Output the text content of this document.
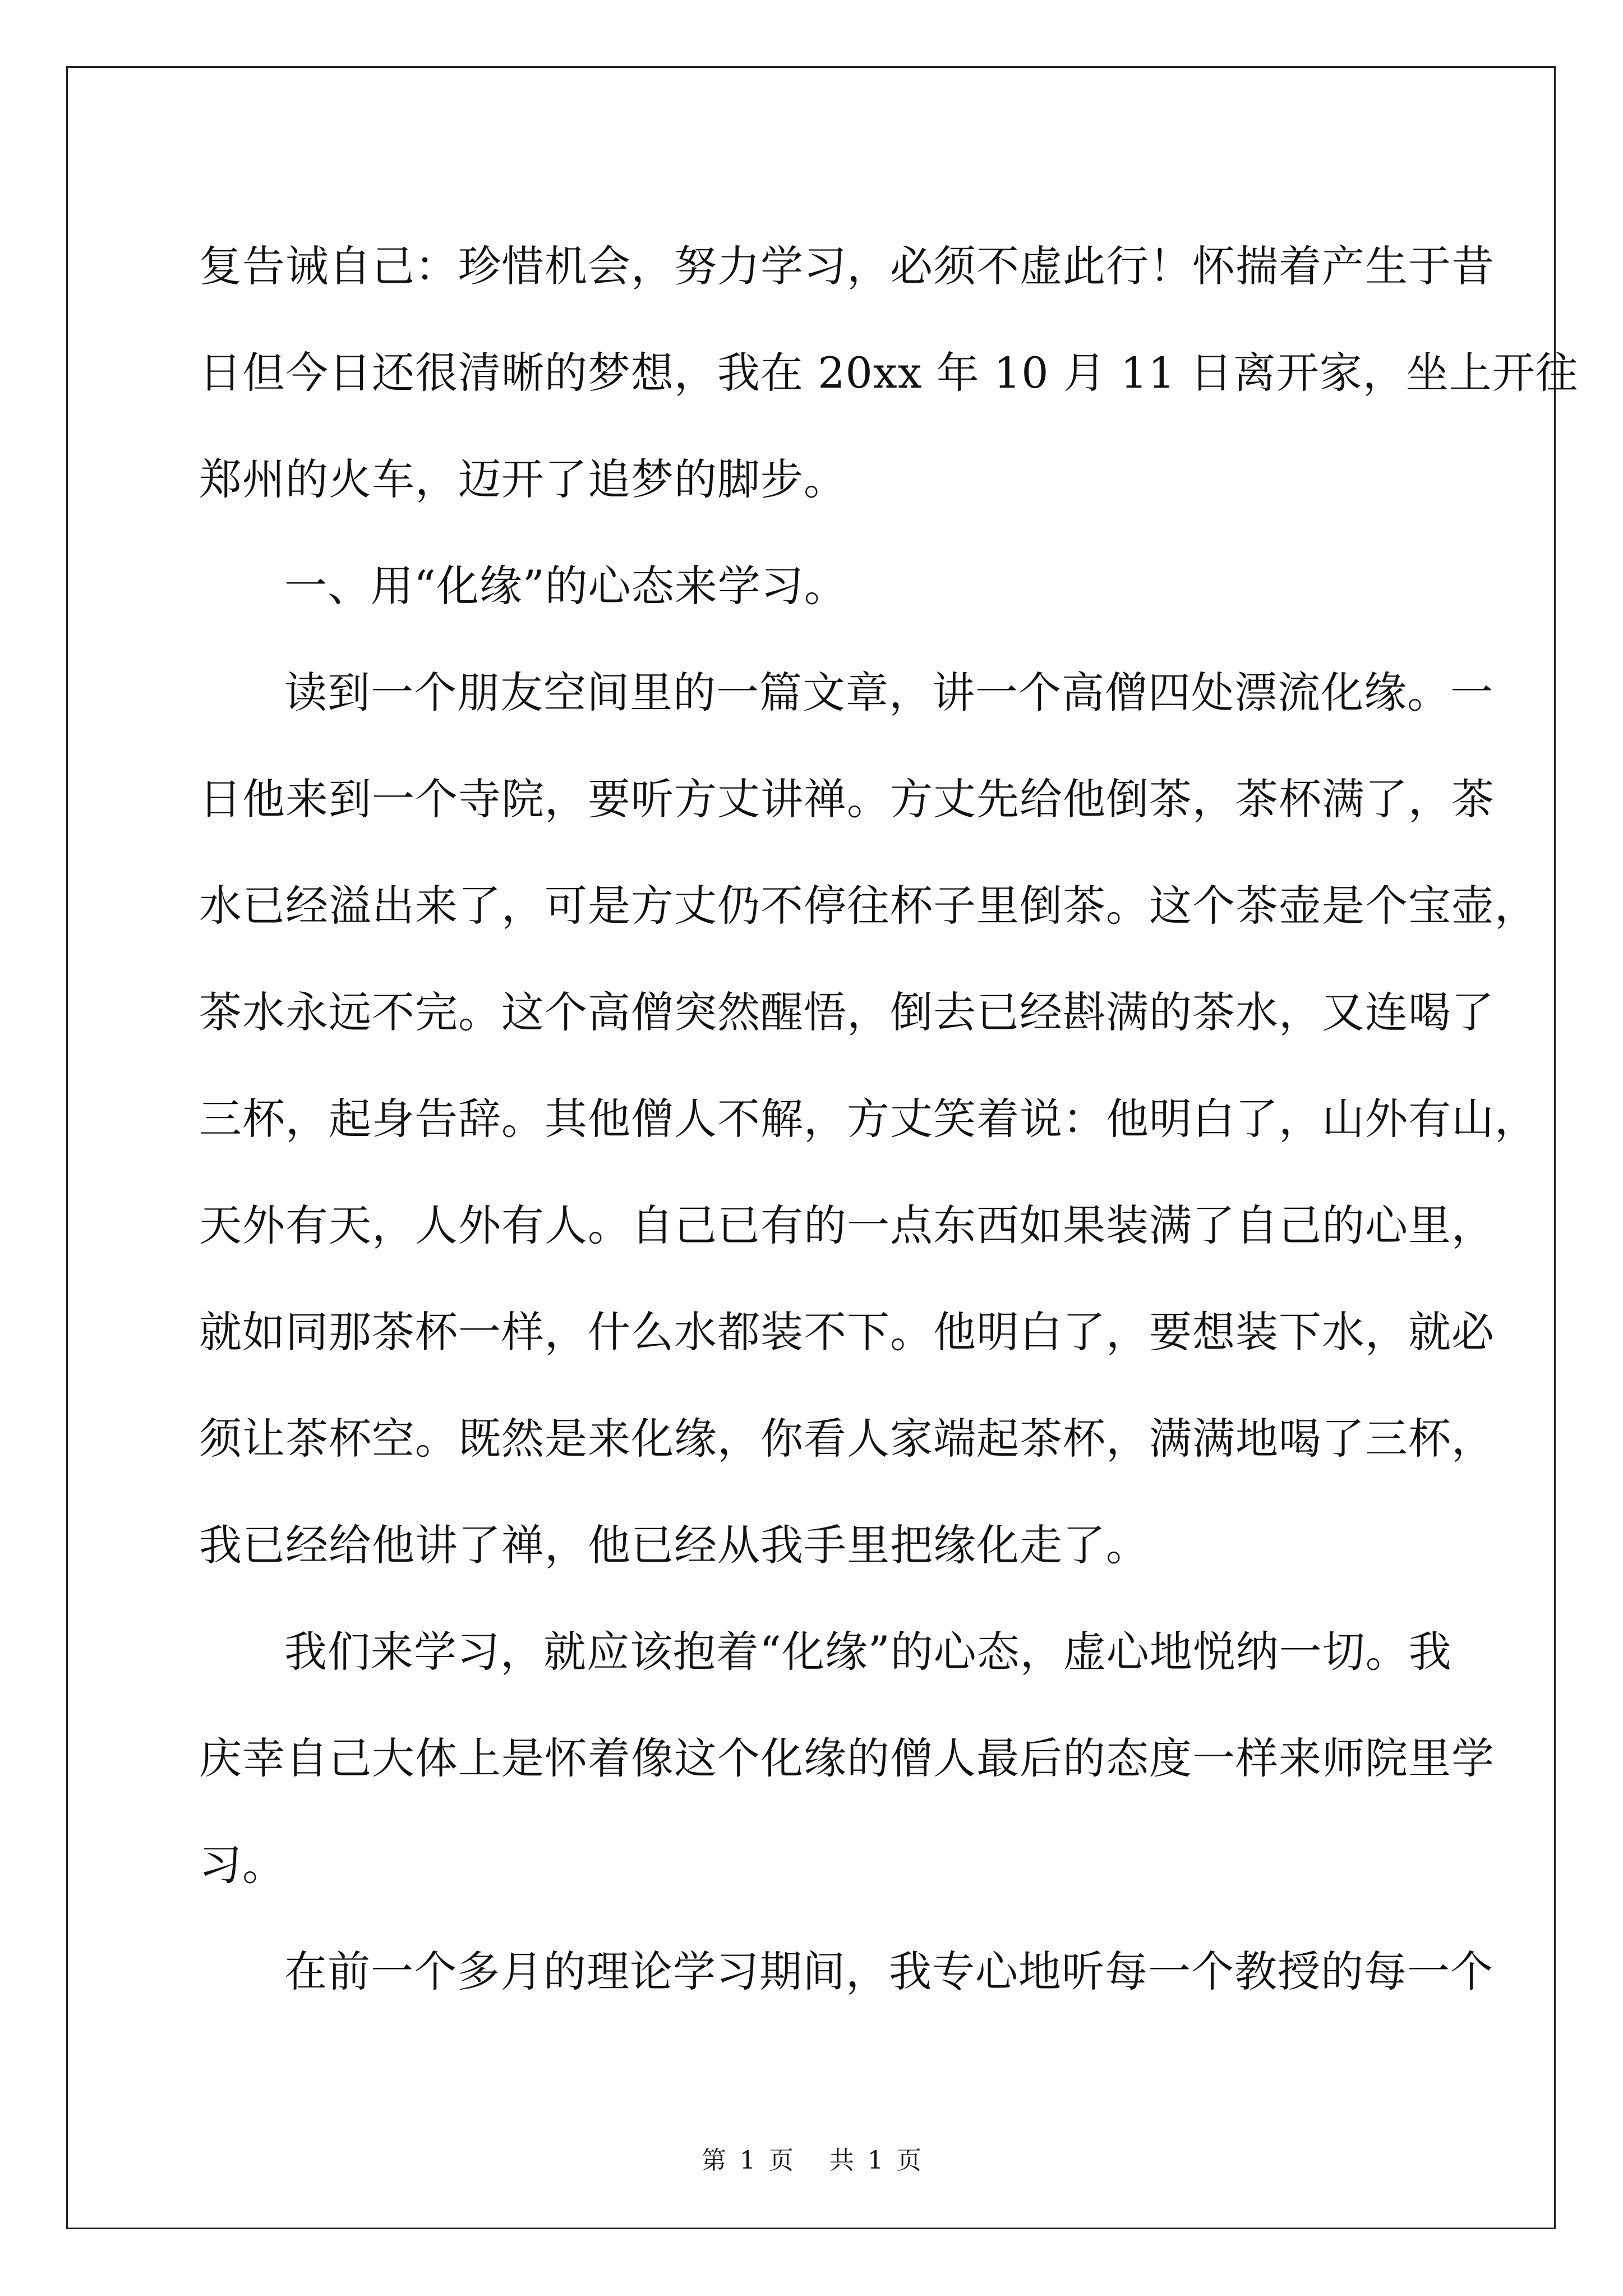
复告诫自己：珍惜机会，努力学习，必须不虚此行！怀揣着产生于昔
日但今日还很清晰的梦想，我在 20xx 年 10 月 11 日离开家，坐上开往
郑州的火车，迈开了追梦的脚步。
一、用“化缘”的心态来学习。
读到一个朋友空间里的一篇文章，讲一个高僧四处漂流化缘。一
日他来到一个寺院，要听方丈讲禅。方丈先给他倒茶，茶杯满了，茶
水已经溢出来了，可是方丈仍不停往杯子里倒茶。这个茶壶是个宝壶，
茶水永远不完。这个高僧突然醒悟，倒去已经斟满的茶水，又连喝了
三杯，起身告辞。其他僧人不解，方丈笑着说：他明白了，山外有山，
天外有天，人外有人。自己已有的一点东西如果装满了自己的心里，
就如同那茶杯一样，什么水都装不下。他明白了，要想装下水，就必
须让茶杯空。既然是来化缘，你看人家端起茶杯，满满地喝了三杯，
我已经给他讲了禅，他已经从我手里把缘化走了。
我们来学习，就应该抱着“化缘”的心态，虚心地悦纳一切。我
庆幸自己大体上是怀着像这个化缘的僧人最后的态度一样来师院里学
习。
在前一个多月的理论学习期间，我专心地听每一个教授的每一个
第 1 页 共 1 页
